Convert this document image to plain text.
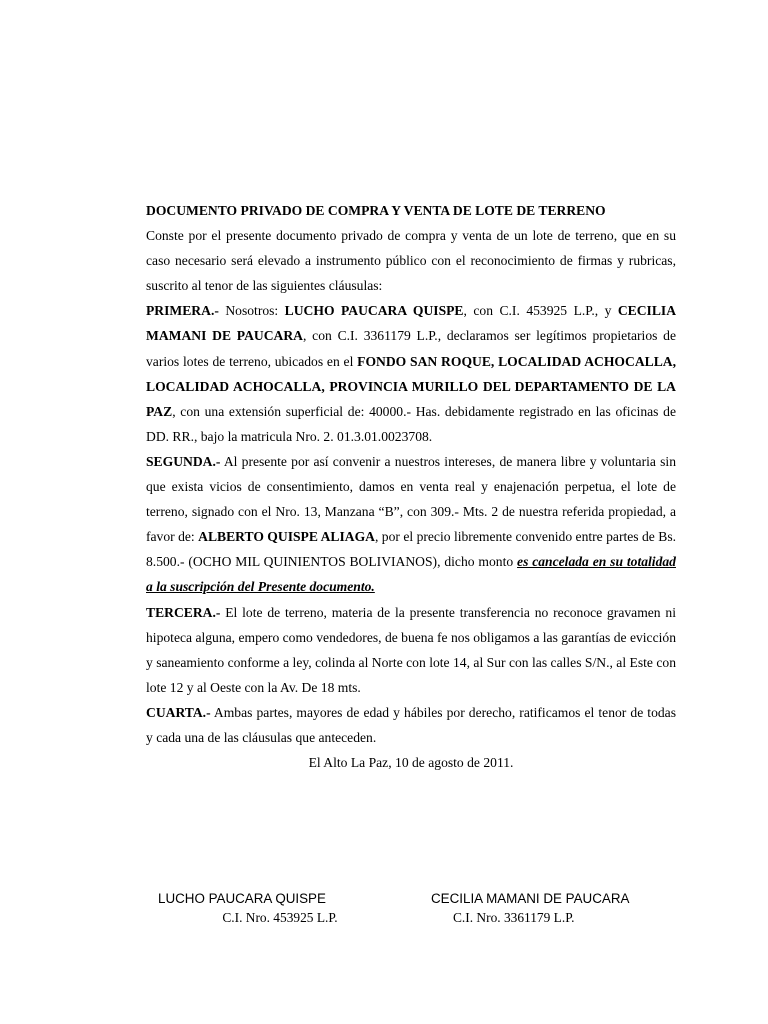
DOCUMENTO PRIVADO DE COMPRA Y VENTA DE LOTE DE TERRENO

Conste por el presente documento privado de compra y venta de un lote de terreno, que en su caso necesario será elevado a instrumento público con el reconocimiento de firmas y rubricas, suscrito al tenor de las siguientes cláusulas:

PRIMERA.- Nosotros: LUCHO PAUCARA QUISPE, con C.I. 453925 L.P., y CECILIA MAMANI DE PAUCARA, con C.I. 3361179 L.P., declaramos ser legítimos propietarios de varios lotes de terreno, ubicados en el FONDO SAN ROQUE, LOCALIDAD ACHOCALLA, LOCALIDAD ACHOCALLA, PROVINCIA MURILLO DEL DEPARTAMENTO DE LA PAZ, con una extensión superficial de: 40000.- Has. debidamente registrado en las oficinas de DD. RR., bajo la matricula Nro. 2. 01.3.01.0023708.

SEGUNDA.- Al presente por así convenir a nuestros intereses, de manera libre y voluntaria sin que exista vicios de consentimiento, damos en venta real y enajenación perpetua, el lote de terreno, signado con el Nro. 13, Manzana “B”, con 309.- Mts. 2 de nuestra referida propiedad, a favor de: ALBERTO QUISPE ALIAGA, por el precio libremente convenido entre partes de Bs. 8.500.- (OCHO MIL QUINIENTOS BOLIVIANOS), dicho monto es cancelada en su totalidad a la suscripción del Presente documento.

TERCERA.- El lote de terreno, materia de la presente transferencia no reconoce gravamen ni hipoteca alguna, empero como vendedores, de buena fe nos obligamos a las garantías de evicción y saneamiento conforme a ley, colinda al Norte con lote 14, al Sur con las calles S/N., al Este con lote 12 y al Oeste con la Av. De 18 mts.

CUARTA.- Ambas partes, mayores de edad y hábiles por derecho, ratificamos el tenor de todas y cada una de las cláusulas que anteceden.

El Alto La Paz, 10 de agosto de 2011.

LUCHO PAUCARA QUISPE
C.I. Nro. 453925 L.P.
CECILIA MAMANI DE PAUCARA
C.I. Nro. 3361179 L.P.
